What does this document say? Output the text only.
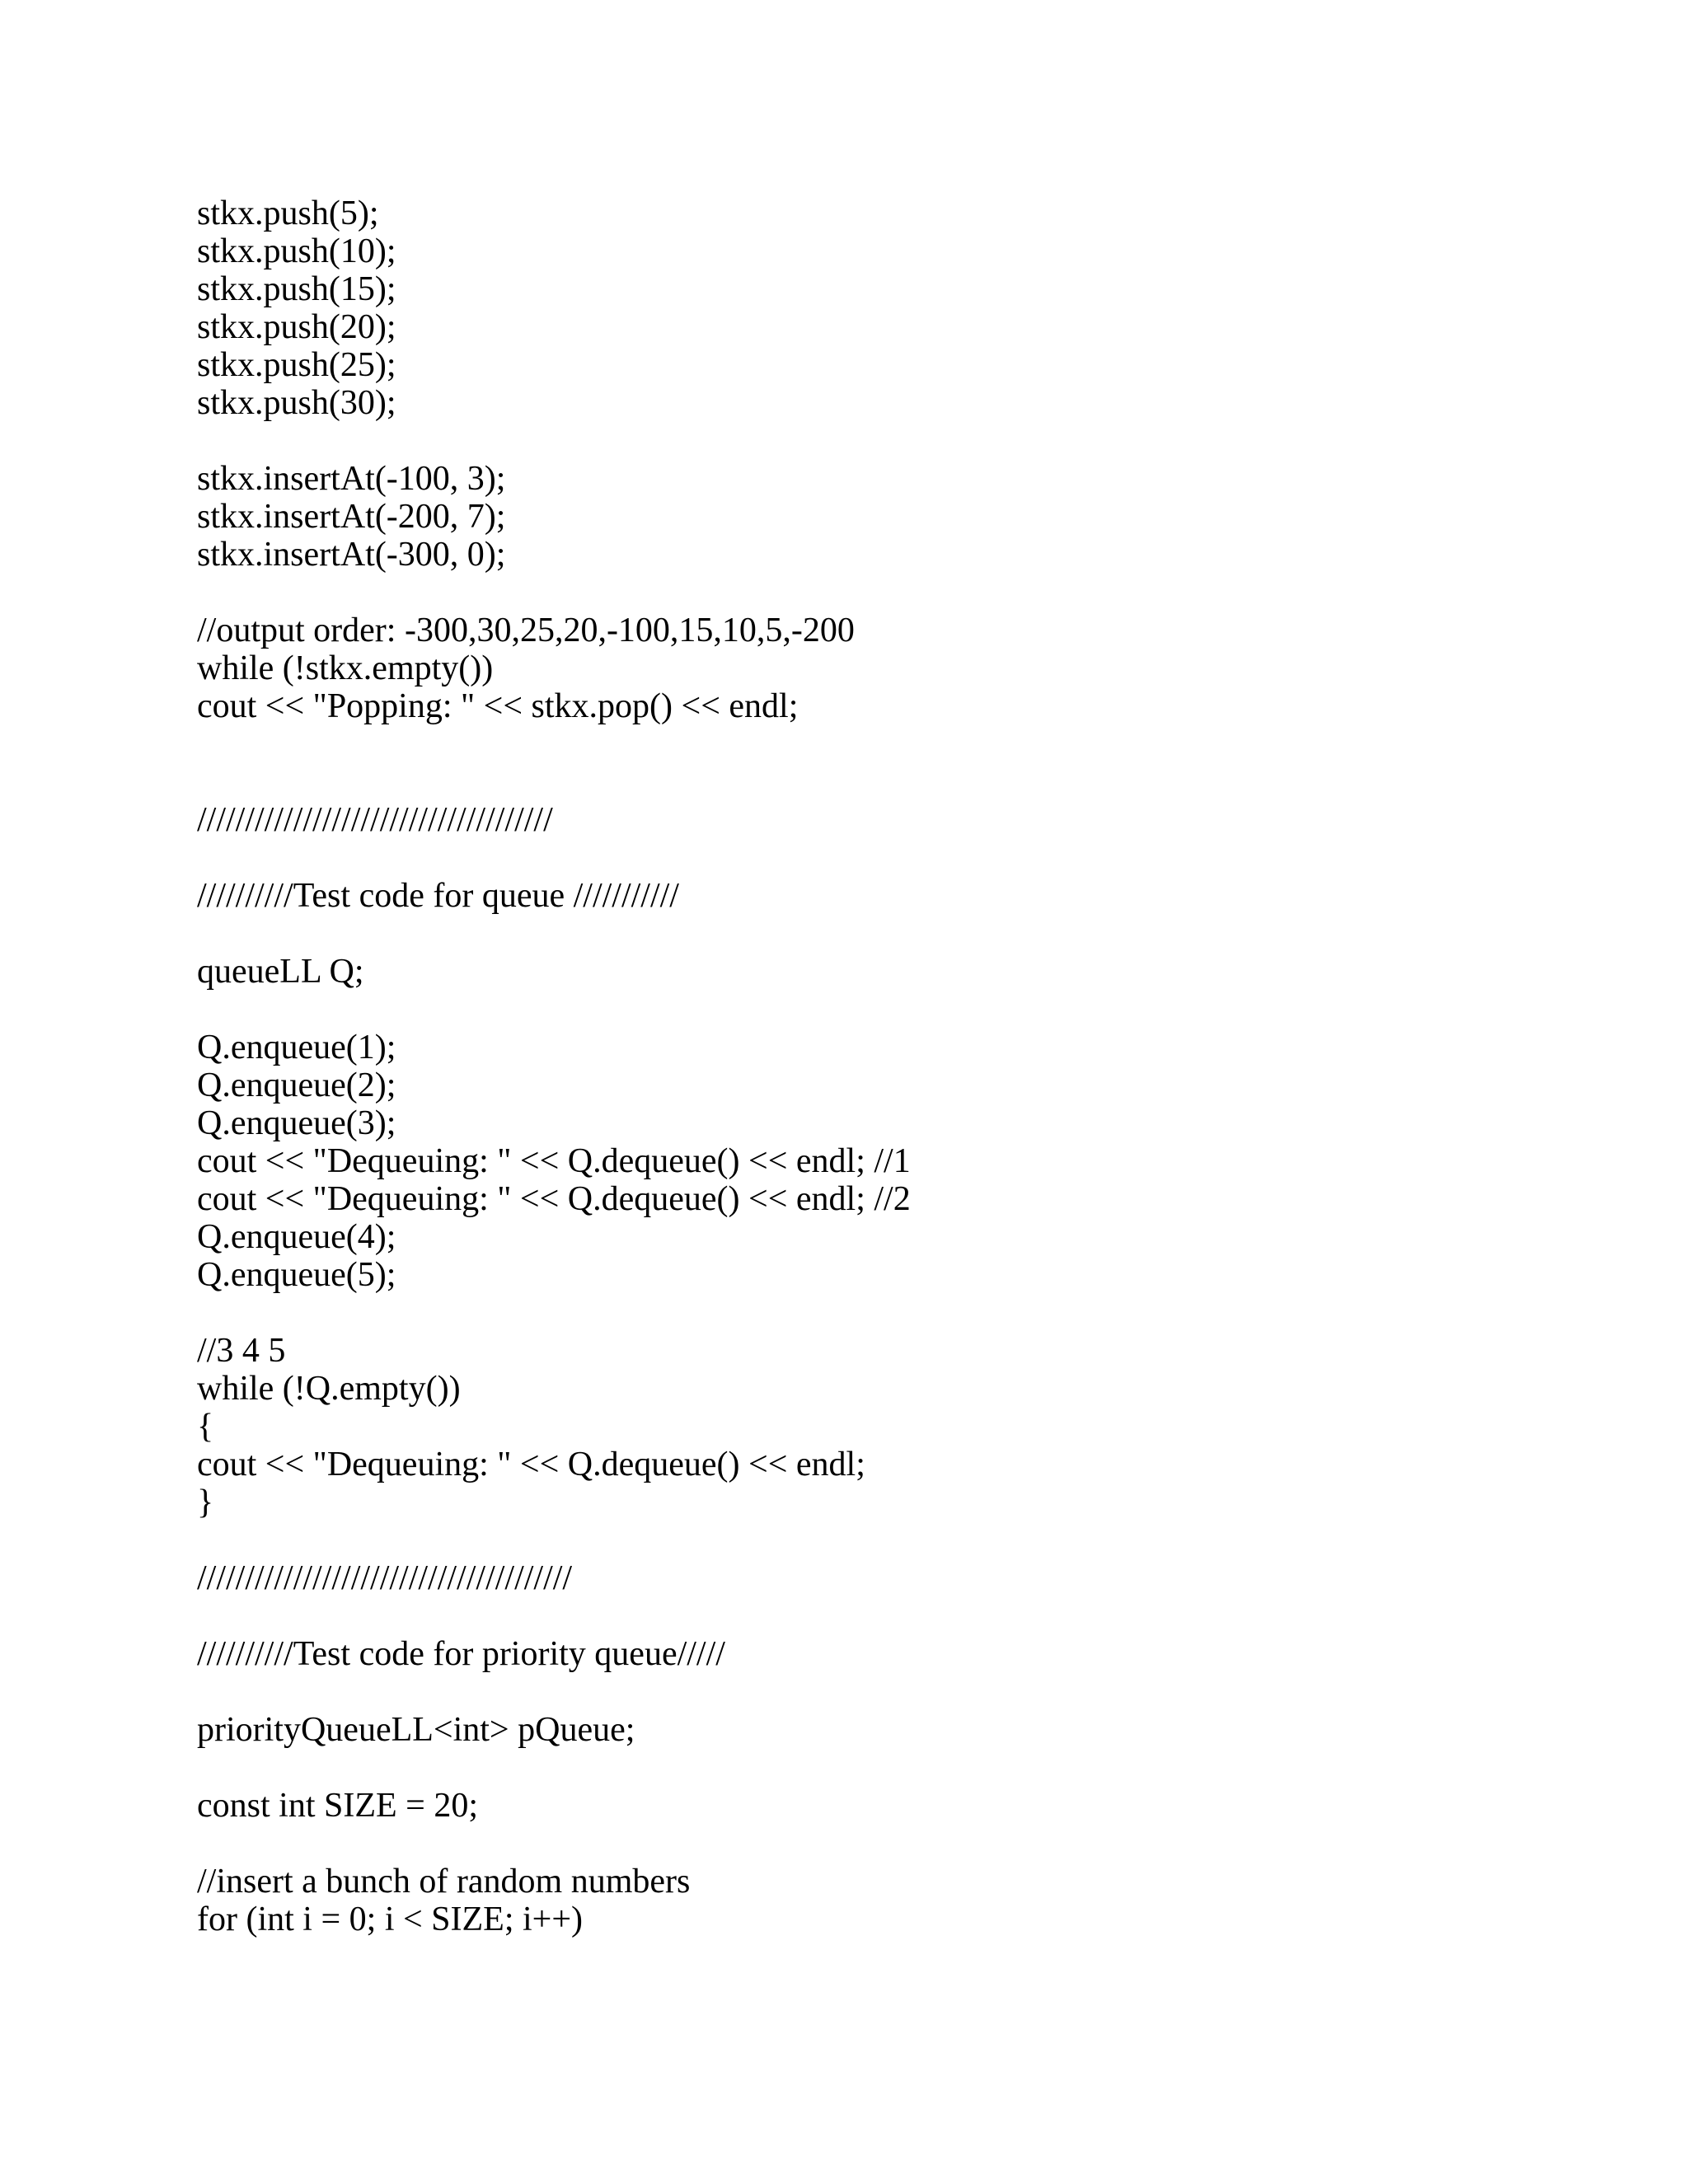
stkx.push(5);
stkx.push(10);
stkx.push(15);
stkx.push(20);
stkx.push(25);
stkx.push(30);
stkx.insertAt(-100, 3);
stkx.insertAt(-200, 7);
stkx.insertAt(-300, 0);
//output order: -300,30,25,20,-100,15,10,5,-200
while (!stkx.empty())
cout << "Popping: " << stkx.pop() << endl;
/////////////////////////////////////
//////////Test code for queue ///////////
queueLL Q;
Q.enqueue(1);
Q.enqueue(2);
Q.enqueue(3);
cout << "Dequeuing: " << Q.dequeue() << endl; //1
cout << "Dequeuing: " << Q.dequeue() << endl; //2
Q.enqueue(4);
Q.enqueue(5);
//3 4 5
while (!Q.empty())
{
cout << "Dequeuing: " << Q.dequeue() << endl;
}
///////////////////////////////////////
//////////Test code for priority queue/////
priorityQueueLL<int> pQueue;
const int SIZE = 20;
//insert a bunch of random numbers
for (int i = 0; i < SIZE; i++)
